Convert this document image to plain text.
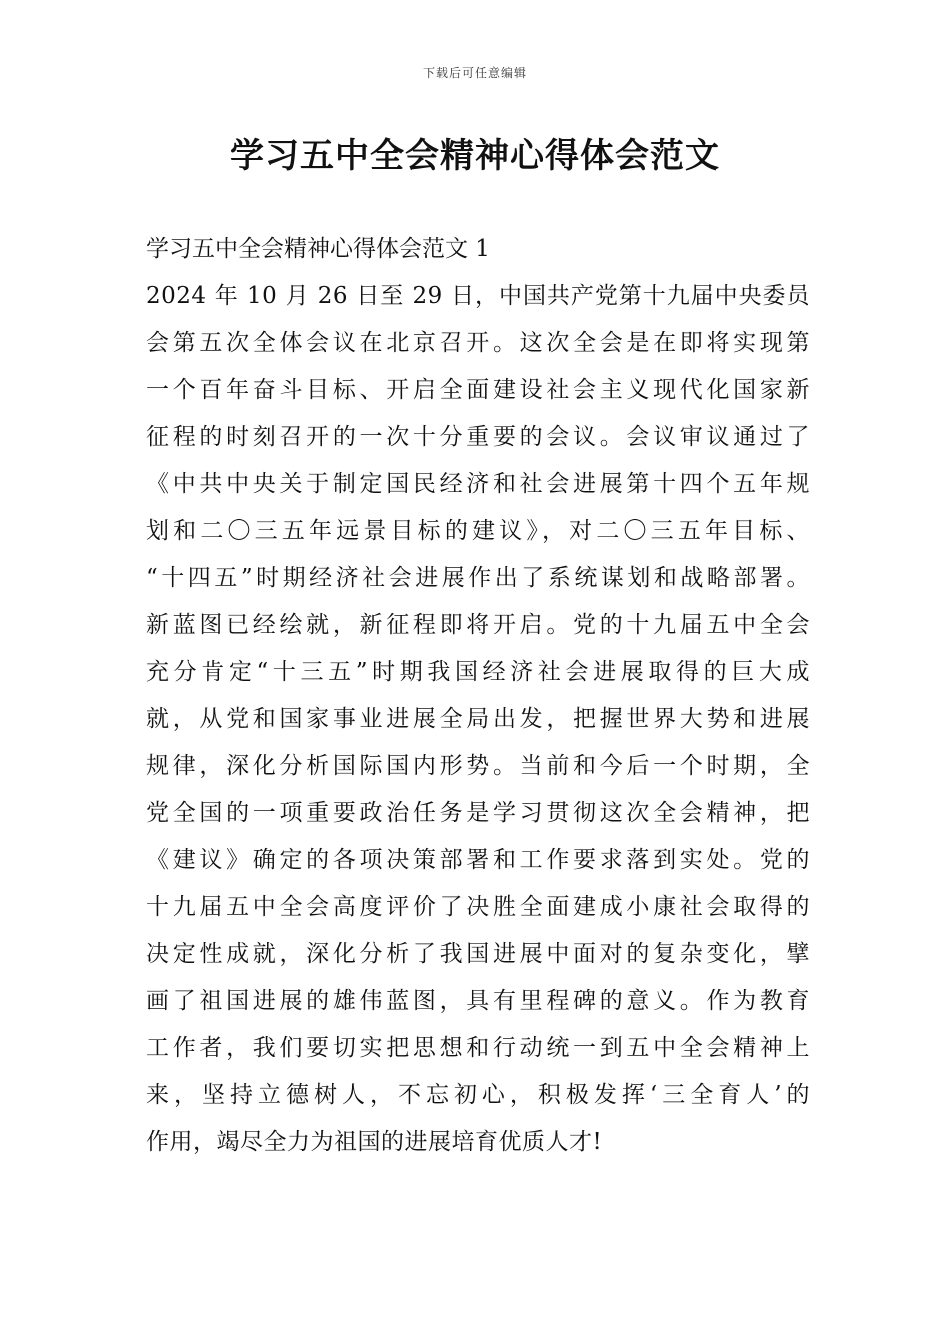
下载后可任意编辑
学习五中全会精神心得体会范文

学习五中全会精神心得体会范文 1

2024 年 10 月 26 日至 29 日，中国共产党第十九届中央委员

会第五次全体会议在北京召开。这次全会是在即将实现第

一个百年奋斗目标、开启全面建设社会主义现代化国家新

征程的时刻召开的一次十分重要的会议。会议审议通过了

《中共中央关于制定国民经济和社会进展第十四个五年规

划和二〇三五年远景目标的建议》，对二〇三五年目标、

“十四五”时期经济社会进展作出了系统谋划和战略部署。

新蓝图已经绘就，新征程即将开启。党的十九届五中全会

充分肯定“十三五”时期我国经济社会进展取得的巨大成

就，从党和国家事业进展全局出发，把握世界大势和进展

规律，深化分析国际国内形势。当前和今后一个时期，全

党全国的一项重要政治任务是学习贯彻这次全会精神，把

《建议》确定的各项决策部署和工作要求落到实处。党的

十九届五中全会高度评价了决胜全面建成小康社会取得的

决定性成就，深化分析了我国进展中面对的复杂变化，擘

画了祖国进展的雄伟蓝图，具有里程碑的意义。作为教育

工作者，我们要切实把思想和行动统一到五中全会精神上

来，坚持立德树人，不忘初心，积极发挥‘三全育人’的

作用，竭尽全力为祖国的进展培育优质人才!
